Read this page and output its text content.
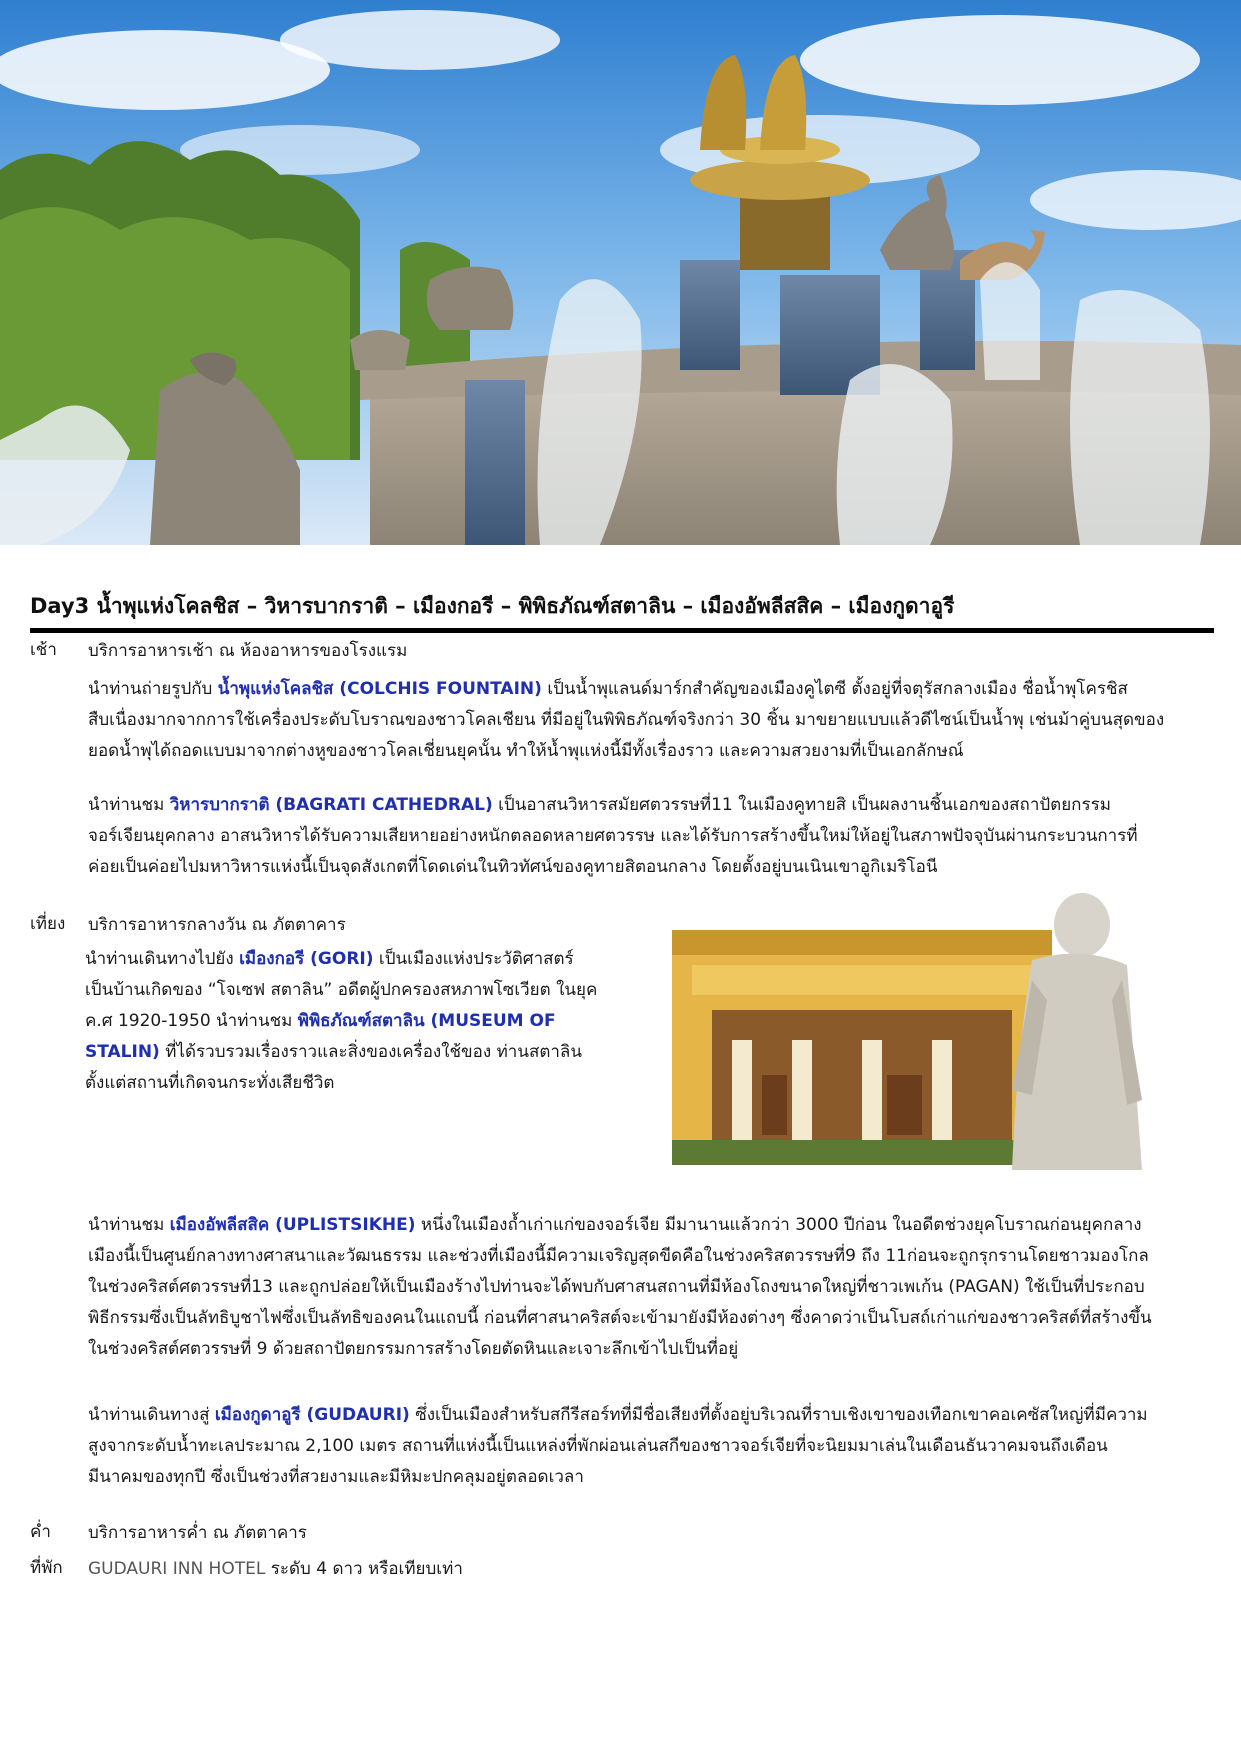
Day3 น้ำพุแห่งโคลชิส – วิหารบากราติ – เมืองกอรี – พิพิธภัณฑ์สตาลิน – เมืองอัพลีสสิค – เมืองกูดาอูรี
เช้า	บริการอาหารเช้า ณ ห้องอาหารของโรงแรม
นำท่านถ่ายรูปกับ น้ำพุแห่งโคลชิส (COLCHIS FOUNTAIN) เป็นน้ำพุแลนด์มาร์กสำคัญของเมืองคูไตซี ตั้งอยู่ที่จตุรัสกลางเมือง ชื่อน้ำพุโครชิส
สืบเนื่องมากจากการใช้เครื่องประดับโบราณของชาวโคลเชียน ที่มีอยู่ในพิพิธภัณฑ์จริงกว่า 30 ชิ้น มาขยายแบบแล้วดีไซน์เป็นน้ำพุ เช่นม้าคู่บนสุดของ
ยอดน้ำพุได้ถอดแบบมาจากต่างหูของชาวโคลเชี่ยนยุคนั้น ทำให้น้ำพุแห่งนี้มีทั้งเรื่องราว และความสวยงามที่เป็นเอกลักษณ์
นำท่านชม วิหารบากราติ (BAGRATI CATHEDRAL) เป็นอาสนวิหารสมัยศตวรรษที่11 ในเมืองคูทายสิ เป็นผลงานชิ้นเอกของสถาปัตยกรรม
จอร์เจียนยุคกลาง อาสนวิหารได้รับความเสียหายอย่างหนักตลอดหลายศตวรรษ และได้รับการสร้างขึ้นใหม่ให้อยู่ในสภาพปัจจุบันผ่านกระบวนการที่
ค่อยเป็นค่อยไปมหาวิหารแห่งนี้เป็นจุดสังเกตที่โดดเด่นในทิวทัศน์ของคูทายสิตอนกลาง โดยตั้งอยู่บนเนินเขาอูกิเมริโอนี
เที่ยง	บริการอาหารกลางวัน ณ ภัตตาคาร
นำท่านเดินทางไปยัง เมืองกอรี (GORI) เป็นเมืองแห่งประวัติศาสตร์
เป็นบ้านเกิดของ “โจเซฟ สตาลิน” อดีตผู้ปกครองสหภาพโซเวียต ในยุค
ค.ศ 1920-1950 นำท่านชม พิพิธภัณฑ์สตาลิน (MUSEUM OF
STALIN) ที่ได้รวบรวมเรื่องราวและสิ่งของเครื่องใช้ของ ท่านสตาลิน
ตั้งแต่สถานที่เกิดจนกระทั่งเสียชีวิต
นำท่านชม เมืองอัพลีสสิค (UPLISTSIKHE) หนึ่งในเมืองถ้ำเก่าแก่ของจอร์เจีย มีมานานแล้วกว่า 3000 ปีก่อน ในอดีตช่วงยุคโบราณก่อนยุคกลาง
เมืองนี้เป็นศูนย์กลางทางศาสนาและวัฒนธรรม และช่วงที่เมืองนี้มีความเจริญสุดขีดคือในช่วงคริสตวรรษที่9 ถึง 11ก่อนจะถูกรุกรานโดยชาวมองโกล
ในช่วงคริสต์ศตวรรษที่13 และถูกปล่อยให้เป็นเมืองร้างไปท่านจะได้พบกับศาสนสถานที่มีห้องโถงขนาดใหญ่ที่ชาวเพเก้น (PAGAN) ใช้เป็นที่ประกอบ
พิธีกรรมซึ่งเป็นลัทธิบูชาไฟซึ่งเป็นลัทธิของคนในแถบนี้ ก่อนที่ศาสนาคริสต์จะเข้ามายังมีห้องต่างๆ ซึ่งคาดว่าเป็นโบสถ์เก่าแก่ของชาวคริสต์ที่สร้างขึ้น
ในช่วงคริสต์ศตวรรษที่ 9 ด้วยสถาปัตยกรรมการสร้างโดยตัดหินและเจาะลึกเข้าไปเป็นที่อยู่
นำท่านเดินทางสู่ เมืองกูดาอูรี (GUDAURI) ซึ่งเป็นเมืองสำหรับสกีรีสอร์ทที่มีชื่อเสียงที่ตั้งอยู่บริเวณที่ราบเชิงเขาของเทือกเขาคอเคซัสใหญ่ที่มีความ
สูงจากระดับน้ำทะเลประมาณ 2,100 เมตร สถานที่แห่งนี้เป็นแหล่งที่พักผ่อนเล่นสกีของชาวจอร์เจียที่จะนิยมมาเล่นในเดือนธันวาคมจนถึงเดือน
มีนาคมของทุกปี ซึ่งเป็นช่วงที่สวยงามและมีหิมะปกคลุมอยู่ตลอดเวลา
ค่ำ	บริการอาหารค่ำ ณ ภัตตาคาร
ที่พัก	GUDAURI INN HOTEL ระดับ 4 ดาว หรือเทียบเท่า
